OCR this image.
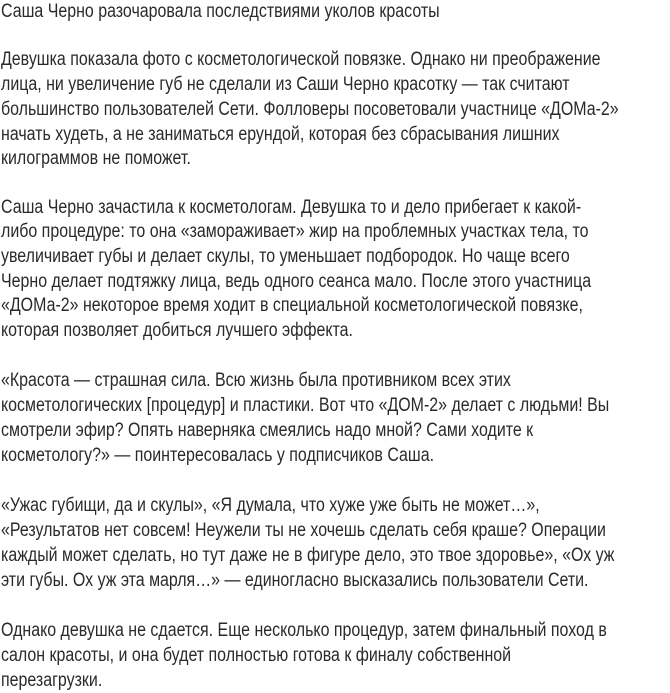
Саша Черно разочаровала последствиями уколов красоты
Девушка показала фото с косметологической повязке. Однако ни преображение
лица, ни увеличение губ не сделали из Саши Черно красотку — так считают
большинство пользователей Сети. Фолловеры посоветовали участнице «ДОМа-2»
начать худеть, а не заниматься ерундой, которая без сбрасывания лишних
килограммов не поможет.
Саша Черно зачастила к косметологам. Девушка то и дело прибегает к какой-
либо процедуре: то она «замораживает» жир на проблемных участках тела, то
увеличивает губы и делает скулы, то уменьшает подбородок. Но чаще всего
Черно делает подтяжку лица, ведь одного сеанса мало. После этого участница
«ДОМа-2» некоторое время ходит в специальной косметологической повязке,
которая позволяет добиться лучшего эффекта.
«Красота — страшная сила. Всю жизнь была противником всех этих
косметологических [процедур] и пластики. Вот что «ДОМ-2» делает с людьми! Вы
смотрели эфир? Опять наверняка смеялись надо мной? Сами ходите к
косметологу?» — поинтересовалась у подписчиков Саша.
«Ужас губищи, да и скулы», «Я думала, что хуже уже быть не может…»,
«Результатов нет совсем! Неужели ты не хочешь сделать себя краше? Операции
каждый может сделать, но тут даже не в фигуре дело, это твое здоровье», «Ох уж
эти губы. Ох уж эта марля…» — единогласно высказались пользователи Сети.
Однако девушка не сдается. Еще несколько процедур, затем финальный поход в
салон красоты, и она будет полностью готова к финалу собственной
перезагрузки.
